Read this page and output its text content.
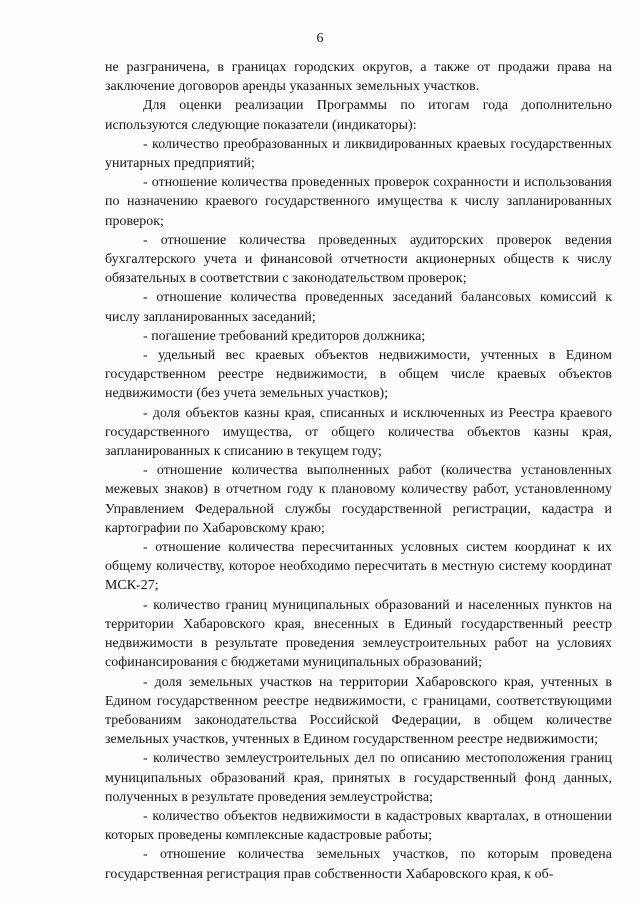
6

не разграничена, в границах городских округов, а также от продажи права на заключение договоров аренды указанных земельных участков.

Для оценки реализации Программы по итогам года дополнительно используются следующие показатели (индикаторы):

- количество преобразованных и ликвидированных краевых государственных унитарных предприятий;

- отношение количества проведенных проверок сохранности и использования по назначению краевого государственного имущества к числу запланированных проверок;

- отношение количества проведенных аудиторских проверок ведения бухгалтерского учета и финансовой отчетности акционерных обществ к числу обязательных в соответствии с законодательством проверок;

- отношение количества проведенных заседаний балансовых комиссий к числу запланированных заседаний;

- погашение требований кредиторов должника;

- удельный вес краевых объектов недвижимости, учтенных в Едином государственном реестре недвижимости, в общем числе краевых объектов недвижимости (без учета земельных участков);

- доля объектов казны края, списанных и исключенных из Реестра краевого государственного имущества, от общего количества объектов казны края, запланированных к списанию в текущем году;

- отношение количества выполненных работ (количества установленных межевых знаков) в отчетном году к плановому количеству работ, установленному Управлением Федеральной службы государственной регистрации, кадастра и картографии по Хабаровскому краю;

- отношение количества пересчитанных условных систем координат к их общему количеству, которое необходимо пересчитать в местную систему координат МСК-27;

- количество границ муниципальных образований и населенных пунктов на территории Хабаровского края, внесенных в Единый государственный реестр недвижимости в результате проведения землеустроительных работ на условиях софинансирования с бюджетами муниципальных образований;

- доля земельных участков на территории Хабаровского края, учтенных в Едином государственном реестре недвижимости, с границами, соответствующими требованиям законодательства Российской Федерации, в общем количестве земельных участков, учтенных в Едином государственном реестре недвижимости;

- количество землеустроительных дел по описанию местоположения границ муниципальных образований края, принятых в государственный фонд данных, полученных в результате проведения землеустройства;

- количество объектов недвижимости в кадастровых кварталах, в отношении которых проведены комплексные кадастровые работы;

- отношение количества земельных участков, по которым проведена государственная регистрация прав собственности Хабаровского края, к об-
